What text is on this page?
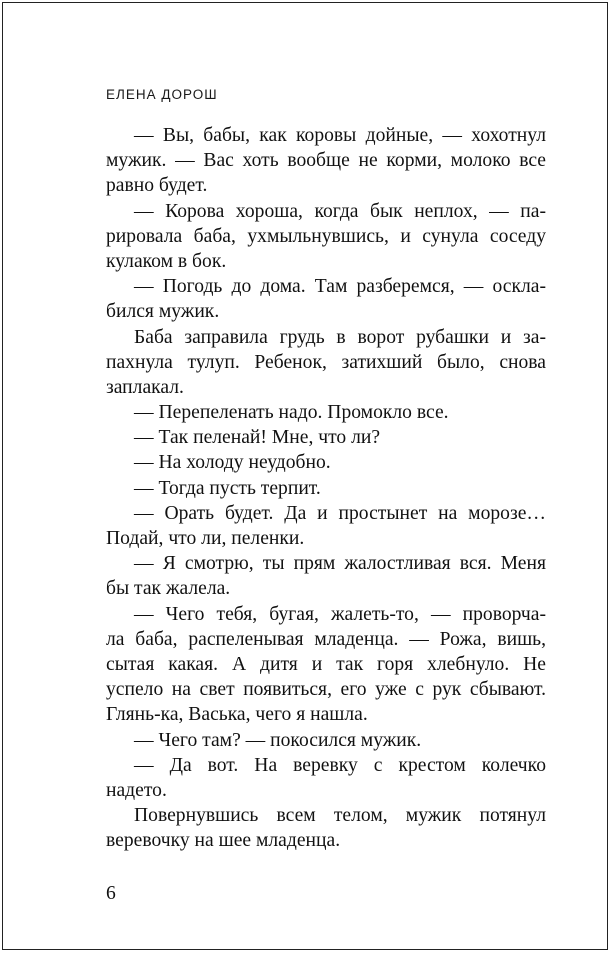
ЕЛЕНА ДОРОШ
— Вы, бабы, как коровы дойные, — хохотнул
мужик. — Вас хоть вообще не корми, молоко все
равно будет.
— Корова хороша, когда бык неплох, — па-
рировала баба, ухмыльнувшись, и сунула соседу
кулаком в бок.
— Погодь до дома. Там разберемся, — оскла-
бился мужик.
Баба заправила грудь в ворот рубашки и за-
пахнула тулуп. Ребенок, затихший было, снова
заплакал.
— Перепеленать надо. Промокло все.
— Так пеленай! Мне, что ли?
— На холоду неудобно.
— Тогда пусть терпит.
— Орать будет. Да и простынет на морозе…
Подай, что ли, пеленки.
— Я смотрю, ты прям жалостливая вся. Меня
бы так жалела.
— Чего тебя, бугая, жалеть-то, — проворча-
ла баба, распеленывая младенца. — Рожа, вишь,
сытая какая. А дитя и так горя хлебнуло. Не
успело на свет появиться, его уже с рук сбывают.
Глянь-ка, Васька, чего я нашла.
— Чего там? — покосился мужик.
— Да вот. На веревку с крестом колечко
надето.
Повернувшись всем телом, мужик потянул
веревочку на шее младенца.
6
